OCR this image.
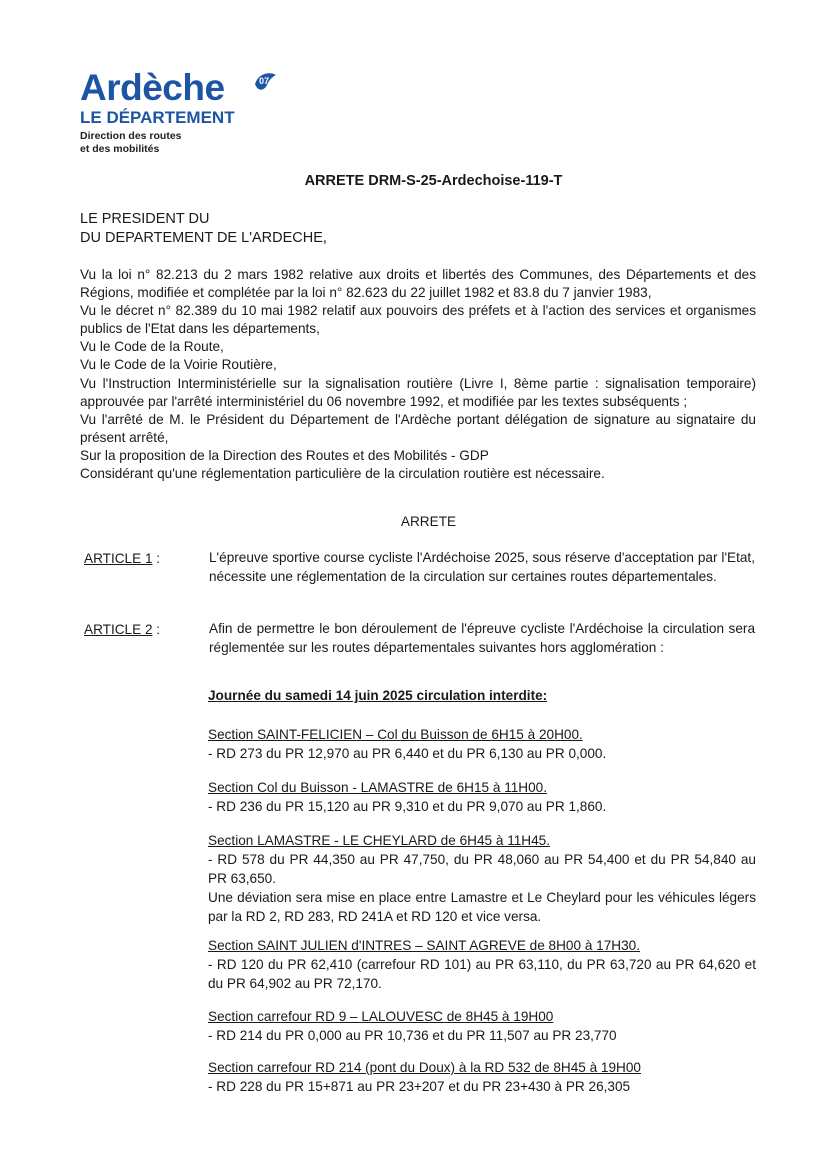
Ardèche	07
LE DÉPARTEMENT
Direction des routes
et des mobilités
ARRETE DRM-S-25-Ardechoise-119-T
LE PRESIDENT DU
DU DEPARTEMENT DE L'ARDECHE,

Vu la loi n° 82.213 du 2 mars 1982 relative aux droits et libertés des Communes, des Départements et des Régions, modifiée et complétée par la loi n° 82.623 du 22 juillet 1982 et 83.8 du 7 janvier 1983,

Vu le décret n° 82.389 du 10 mai 1982 relatif aux pouvoirs des préfets et à l'action des services et organismes publics de l'Etat dans les départements,

Vu le Code de la Route,

Vu le Code de la Voirie Routière,

Vu l'Instruction Interministérielle sur la signalisation routière (Livre I, 8ème partie : signalisation temporaire) approuvée par l'arrêté interministériel du 06 novembre 1992, et modifiée par les textes subséquents ;

Vu l'arrêté de M. le Président du Département de l'Ardèche portant délégation de signature au signataire du présent arrêté,

Sur la proposition de la Direction des Routes et des Mobilités - GDP

Considérant qu'une réglementation particulière de la circulation routière est nécessaire.

ARRETE
ARTICLE 1 :	L'épreuve sportive course cycliste l'Ardéchoise 2025, sous réserve d'acceptation par l'Etat, nécessite une réglementation de la circulation sur certaines routes départementales.
ARTICLE 2 :	Afin de permettre le bon déroulement de l'épreuve cycliste l'Ardéchoise la circulation sera réglementée sur les routes départementales suivantes hors agglomération :
Journée du samedi 14 juin 2025 circulation interdite:
Section SAINT-FELICIEN – Col du Buisson de 6H15 à 20H00.

- RD 273 du PR 12,970 au PR 6,440 et du PR 6,130 au PR 0,000.

Section Col du Buisson - LAMASTRE de 6H15 à 11H00.

- RD 236 du PR 15,120 au PR 9,310 et du PR 9,070 au PR 1,860.

Section LAMASTRE - LE CHEYLARD de 6H45 à 11H45.

- RD 578 du PR 44,350 au PR 47,750, du PR 48,060 au PR 54,400 et du PR 54,840 au PR 63,650.

Une déviation sera mise en place entre Lamastre et Le Cheylard pour les véhicules légers par la RD 2, RD 283, RD 241A et RD 120 et vice versa.

Section SAINT JULIEN d'INTRES – SAINT AGREVE de 8H00 à 17H30.

- RD 120 du PR 62,410 (carrefour RD 101) au PR 63,110, du PR 63,720 au PR 64,620 et du PR 64,902 au PR 72,170.

Section carrefour RD 9 – LALOUVESC de 8H45 à 19H00

- RD 214 du PR 0,000 au PR 10,736 et du PR 11,507 au PR 23,770

Section carrefour RD 214 (pont du Doux) à la RD 532 de 8H45 à 19H00

- RD 228 du PR 15+871 au PR 23+207 et du PR 23+430 à PR 26,305
